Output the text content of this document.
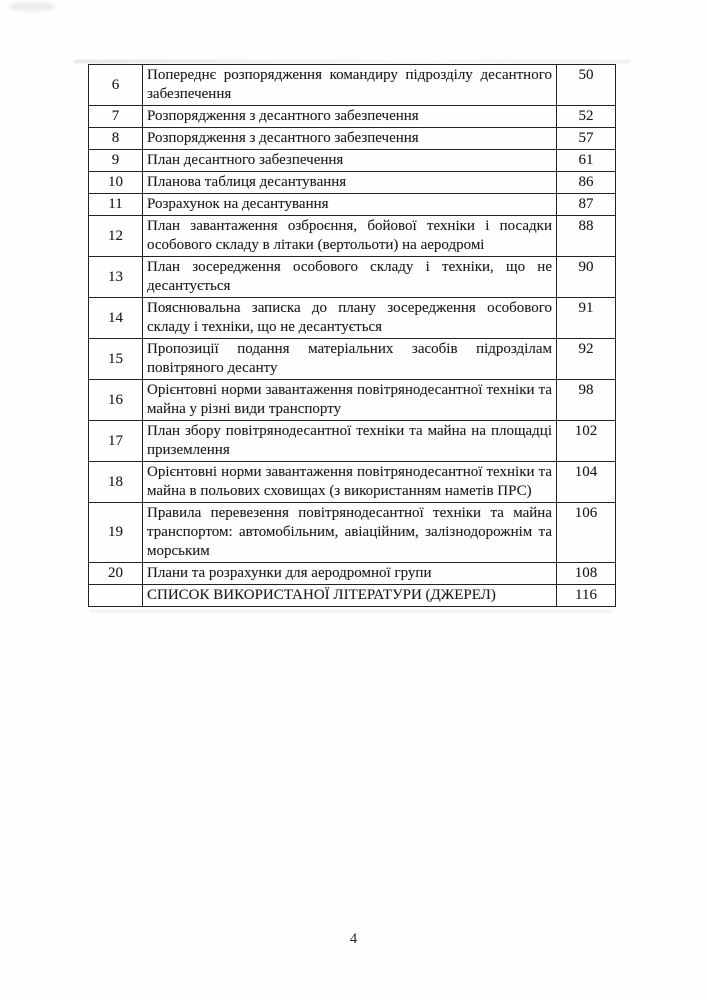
6	Попереднє розпорядження командиру підрозділу десантного забезпечення	50
7	Розпорядження з десантного забезпечення	52
8	Розпорядження з десантного забезпечення	57
9	План десантного забезпечення	61
10	Планова таблиця десантування	86
11	Розрахунок на десантування	87
12	План завантаження озброєння, бойової техніки і посадки особового складу в літаки (вертольоти) на аеродромі	88
13	План зосередження особового складу і техніки, що не десантується	90
14	Пояснювальна записка до плану зосередження особового складу і техніки, що не десантується	91
15	Пропозиції подання матеріальних засобів підрозділам повітряного десанту	92
16	Орієнтовні норми завантаження повітрянодесантної техніки та майна у різні види транспорту	98
17	План збору повітрянодесантної техніки та майна на площадці приземлення	102
18	Орієнтовні норми завантаження повітрянодесантної техніки та майна в польових сховищах (з використанням наметів ПРС)	104
19	Правила перевезення повітрянодесантної техніки та майна транспортом: автомобільним, авіаційним, залізнодорожнім та морським	106
20	Плани та розрахунки для аеродромної групи	108
	СПИСОК ВИКОРИСТАНОЇ ЛІТЕРАТУРИ (ДЖЕРЕЛ)	116
4
